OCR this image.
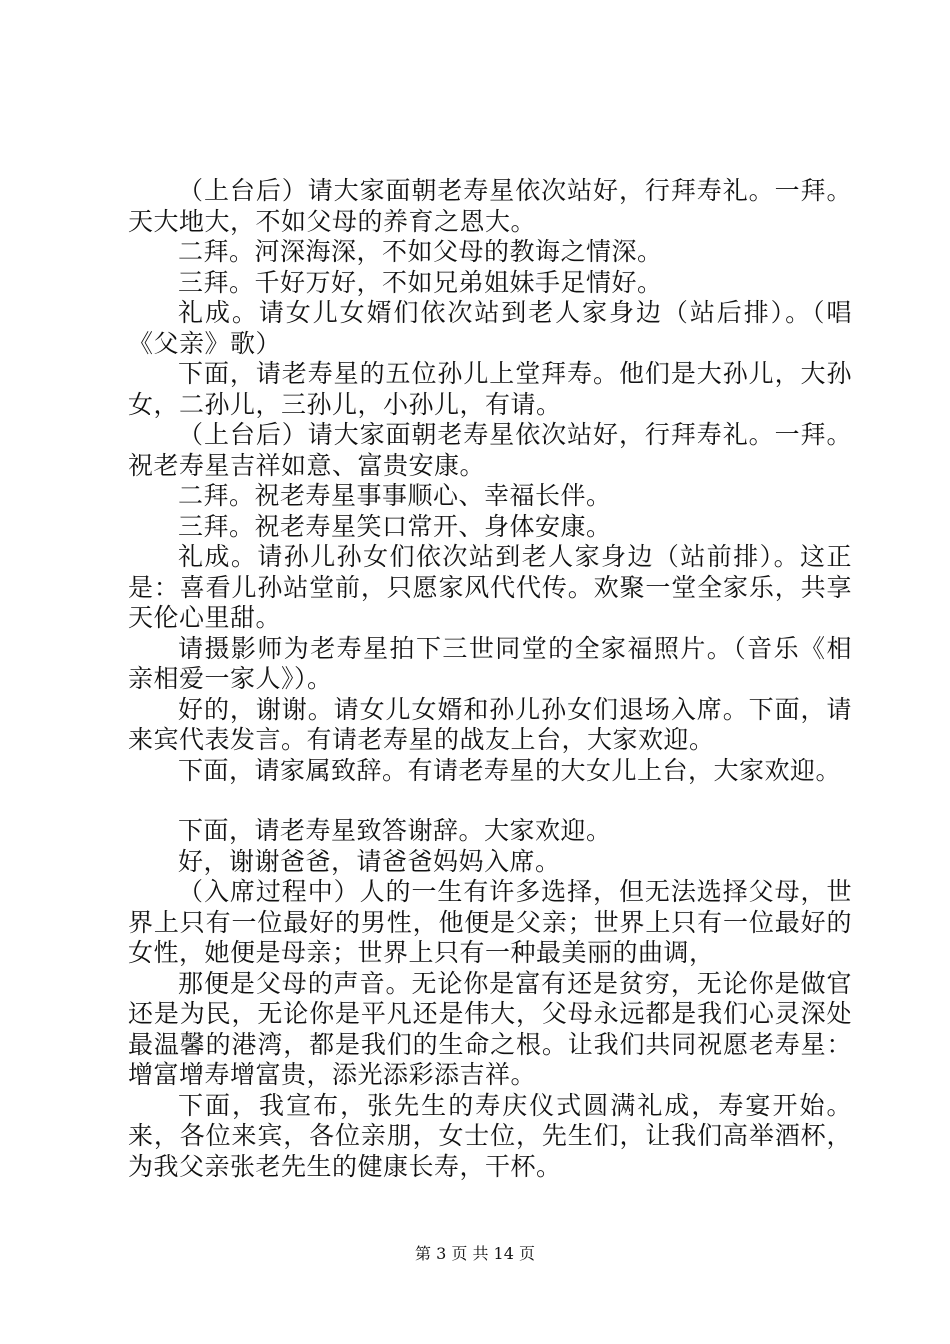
（上台后）请大家面朝老寿星依次站好，行拜寿礼。一拜。天大地大，不如父母的养育之恩大。

二拜。河深海深，不如父母的教诲之情深。

三拜。千好万好，不如兄弟姐妹手足情好。

礼成。请女儿女婿们依次站到老人家身边（站后排）。（唱《父亲》歌）

下面，请老寿星的五位孙儿上堂拜寿。他们是大孙儿，大孙女，二孙儿，三孙儿，小孙儿，有请。

（上台后）请大家面朝老寿星依次站好，行拜寿礼。一拜。祝老寿星吉祥如意、富贵安康。

二拜。祝老寿星事事顺心、幸福长伴。

三拜。祝老寿星笑口常开、身体安康。

礼成。请孙儿孙女们依次站到老人家身边（站前排）。这正是：喜看儿孙站堂前，只愿家风代代传。欢聚一堂全家乐，共享天伦心里甜。

请摄影师为老寿星拍下三世同堂的全家福照片。（音乐《相亲相爱一家人》）。

好的，谢谢。请女儿女婿和孙儿孙女们退场入席。下面，请来宾代表发言。有请老寿星的战友上台，大家欢迎。

下面，请家属致辞。有请老寿星的大女儿上台，大家欢迎。

下面，请老寿星致答谢辞。大家欢迎。

好，谢谢爸爸，请爸爸妈妈入席。

（入席过程中）人的一生有许多选择，但无法选择父母，世界上只有一位最好的男性，他便是父亲；世界上只有一位最好的女性，她便是母亲；世界上只有一种最美丽的曲调，

那便是父母的声音。无论你是富有还是贫穷，无论你是做官还是为民，无论你是平凡还是伟大，父母永远都是我们心灵深处最温馨的港湾，都是我们的生命之根。让我们共同祝愿老寿星：增富增寿增富贵，添光添彩添吉祥。

下面，我宣布，张先生的寿庆仪式圆满礼成，寿宴开始。来，各位来宾，各位亲朋，女士位，先生们，让我们高举酒杯，为我父亲张老先生的健康长寿，干杯。

第 3 页 共 14 页
